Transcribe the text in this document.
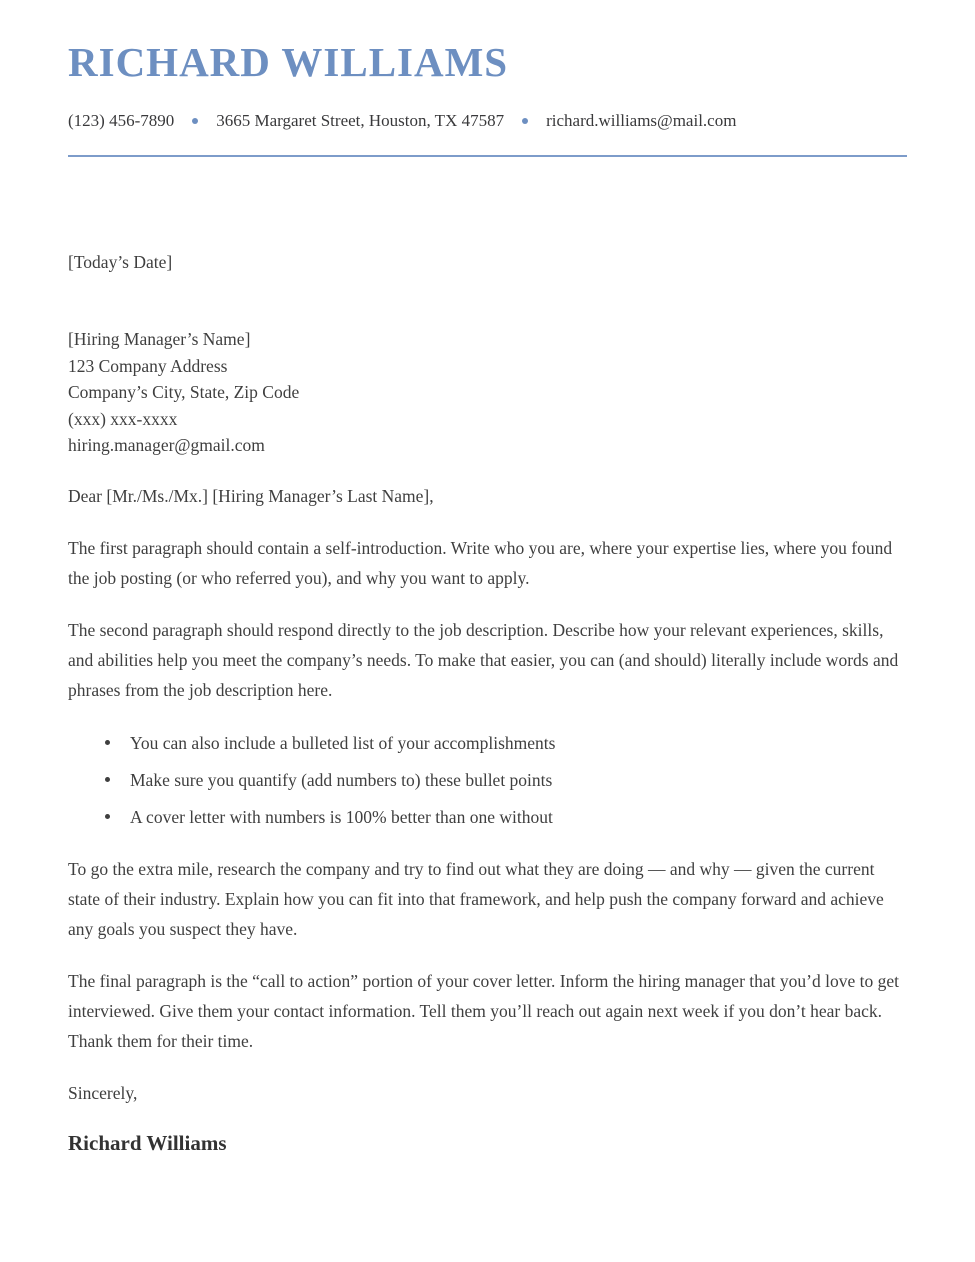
RICHARD WILLIAMS
(123) 456-7890 3665 Margaret Street, Houston, TX 47587 richard.williams@mail.com

[Today’s Date]

[Hiring Manager’s Name]
123 Company Address
Company’s City, State, Zip Code
(xxx) xxx-xxxx
hiring.manager@gmail.com

Dear [Mr./Ms./Mx.] [Hiring Manager’s Last Name],

The first paragraph should contain a self-introduction. Write who you are, where your expertise lies, where you found the job posting (or who referred you), and why you want to apply.

The second paragraph should respond directly to the job description. Describe how your relevant experiences, skills, and abilities help you meet the company’s needs. To make that easier, you can (and should) literally include words and phrases from the job description here.

You can also include a bulleted list of your accomplishments
Make sure you quantify (add numbers to) these bullet points
A cover letter with numbers is 100% better than one without

To go the extra mile, research the company and try to find out what they are doing — and why — given the current state of their industry. Explain how you can fit into that framework, and help push the company forward and achieve any goals you suspect they have.

The final paragraph is the “call to action” portion of your cover letter. Inform the hiring manager that you’d love to get interviewed. Give them your contact information. Tell them you’ll reach out again next week if you don’t hear back. Thank them for their time.

Sincerely,

Richard Williams
